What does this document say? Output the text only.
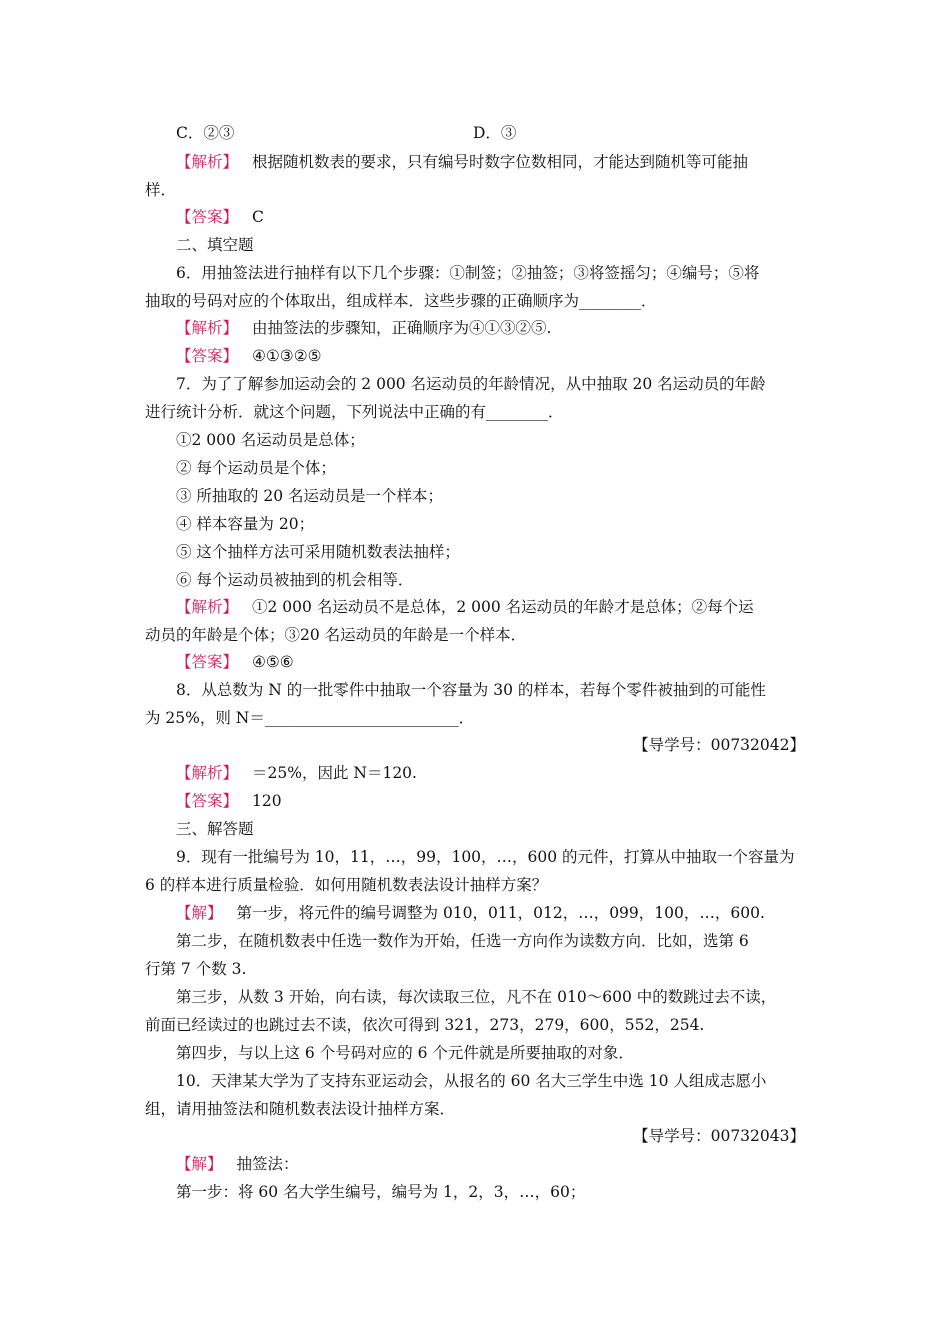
C．②③	D．③
【解析】 根据随机数表的要求，只有编号时数字位数相同，才能达到随机等可能抽
样．
【答案】 C
二、填空题
6．用抽签法进行抽样有以下几个步骤：①制签；②抽签；③将签摇匀；④编号；⑤将
抽取的号码对应的个体取出，组成样本．这些步骤的正确顺序为________．
【解析】 由抽签法的步骤知，正确顺序为④①③②⑤.
【答案】 ④①③②⑤
7．为了了解参加运动会的 2 000 名运动员的年龄情况，从中抽取 20 名运动员的年龄
进行统计分析．就这个问题，下列说法中正确的有________．
①2 000 名运动员是总体；
② 每个运动员是个体；
③ 所抽取的 20 名运动员是一个样本；
④ 样本容量为 20；
⑤ 这个抽样方法可采用随机数表法抽样；
⑥ 每个运动员被抽到的机会相等．
【解析】 ①2 000 名运动员不是总体，2 000 名运动员的年龄才是总体；②每个运
动员的年龄是个体；③20 名运动员的年龄是一个样本．
【答案】 ④⑤⑥
8．从总数为 N 的一批零件中抽取一个容量为 30 的样本，若每个零件被抽到的可能性
为 25%，则 N＝_________________________．
【导学号：00732042】
【解析】 ＝25%，因此 N＝120.
【答案】 120
三、解答题
9．现有一批编号为 10，11，…，99，100，…，600 的元件，打算从中抽取一个容量为
6 的样本进行质量检验．如何用随机数表法设计抽样方案？
【解】 第一步，将元件的编号调整为 010，011，012，…，099，100，…，600.
第二步，在随机数表中任选一数作为开始，任选一方向作为读数方向．比如，选第 6
行第 7 个数 3.
第三步，从数 3 开始，向右读，每次读取三位，凡不在 010～600 中的数跳过去不读，
前面已经读过的也跳过去不读，依次可得到 321，273，279，600，552，254.
第四步，与以上这 6 个号码对应的 6 个元件就是所要抽取的对象．
10．天津某大学为了支持东亚运动会，从报名的 60 名大三学生中选 10 人组成志愿小
组，请用抽签法和随机数表法设计抽样方案．
【导学号：00732043】
【解】 抽签法：
第一步：将 60 名大学生编号，编号为 1，2，3，…，60；
